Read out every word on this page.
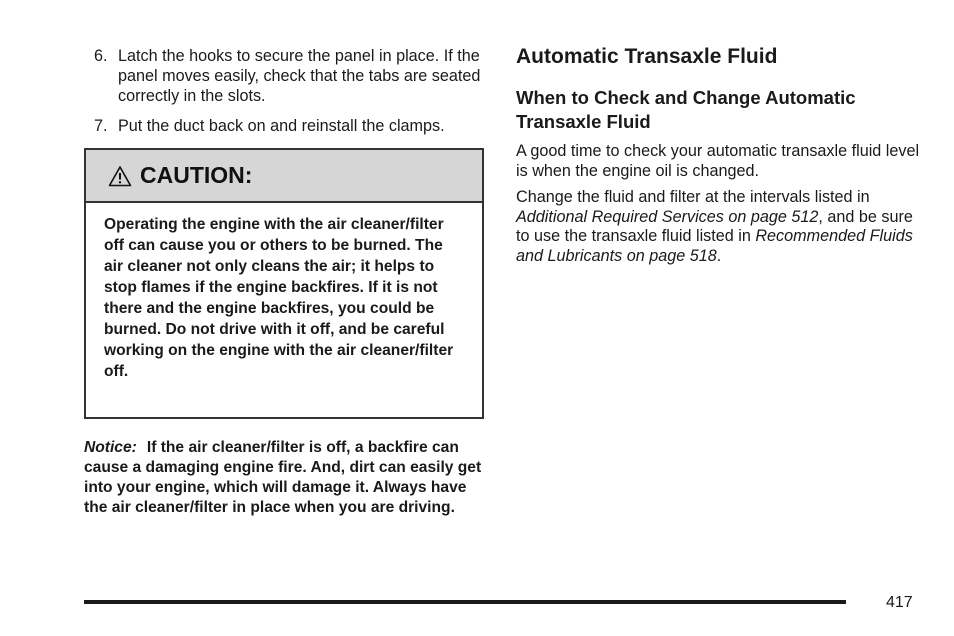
6. Latch the hooks to secure the panel in place. If the panel moves easily, check that the tabs are seated correctly in the slots.
7. Put the duct back on and reinstall the clamps.
CAUTION:
Operating the engine with the air cleaner/filter off can cause you or others to be burned. The air cleaner not only cleans the air; it helps to stop flames if the engine backfires. If it is not there and the engine backfires, you could be burned. Do not drive with it off, and be careful working on the engine with the air cleaner/filter off.
Notice: If the air cleaner/filter is off, a backfire can cause a damaging engine fire. And, dirt can easily get into your engine, which will damage it. Always have the air cleaner/filter in place when you are driving.
Automatic Transaxle Fluid
When to Check and Change Automatic Transaxle Fluid

A good time to check your automatic transaxle fluid level is when the engine oil is changed.

Change the fluid and filter at the intervals listed in Additional Required Services on page 512, and be sure to use the transaxle fluid listed in Recommended Fluids and Lubricants on page 518.

417
